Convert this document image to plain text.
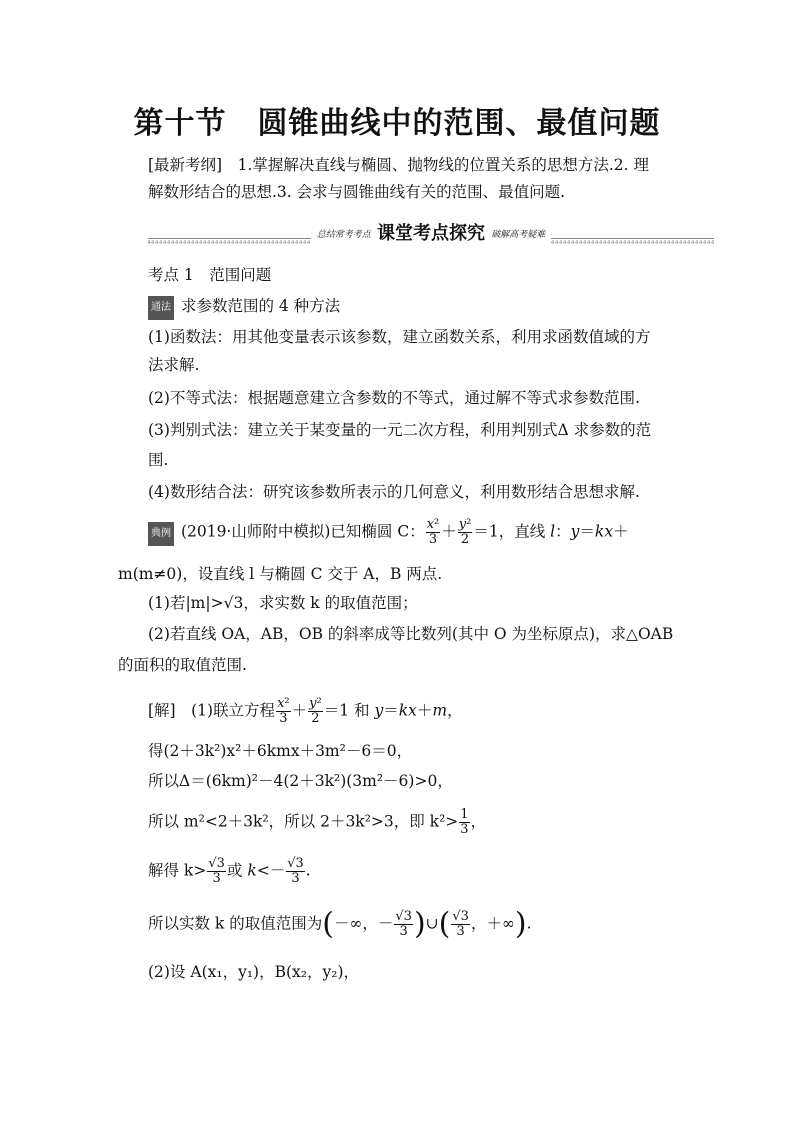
第十节　圆锥曲线中的范围、最值问题
[最新考纲]　1.掌握解决直线与椭圆、抛物线的位置关系的思想方法.2. 理
解数形结合的思想.3. 会求与圆锥曲线有关的范围、最值问题.
总结常考考点 课堂考点探究 破解高考疑难
考点 1　范围问题
通法 求参数范围的 4 种方法
(1)函数法：用其他变量表示该参数，建立函数关系，利用求函数值域的方
法求解.
(2)不等式法：根据题意建立含参数的不等式，通过解不等式求参数范围.
(3)判别式法：建立关于某变量的一元二次方程，利用判别式Δ 求参数的范
围.
(4)数形结合法：研究该参数所表示的几何意义，利用数形结合思想求解.
典例 (2019·山师附中模拟)已知椭圆 C： $\frac{\text{x²}}{3} + \frac{\text{y²}}{2} =1$，直线 l：y＝kx＋
m(m≠0)，设直线 l 与椭圆 C 交于 A，B 两点.
(1)若|m|>√3，求实数 k 的取值范围；
(2)若直线 OA，AB，OB 的斜率成等比数列(其中 O 为坐标原点)，求△OAB
的面积的取值范围.
[解]　(1)联立方程 $\frac{\text{x²}}{3} + \frac{\text{y²}}{2} =1$ 和 y＝kx＋m，
得(2＋3k²)x²＋6kmx＋3m²－6＝0，
所以Δ＝(6km)²－4(2＋3k²)(3m²－6)>0，
所以 m²<2＋3k²，所以 2＋3k²>3，即 $k^2> \frac{1}{3}$ ，
解得 $k> \frac{√3}{3}$ 或 $k<- \frac{√3}{3}$ .
所以实数 k 的取值范围为(－∞，－ $\frac{√3}{3}$ )∪( $\frac{√3}{3}$ ，＋∞).
(2)设 A(x₁，y₁)，B(x₂，y₂)，
